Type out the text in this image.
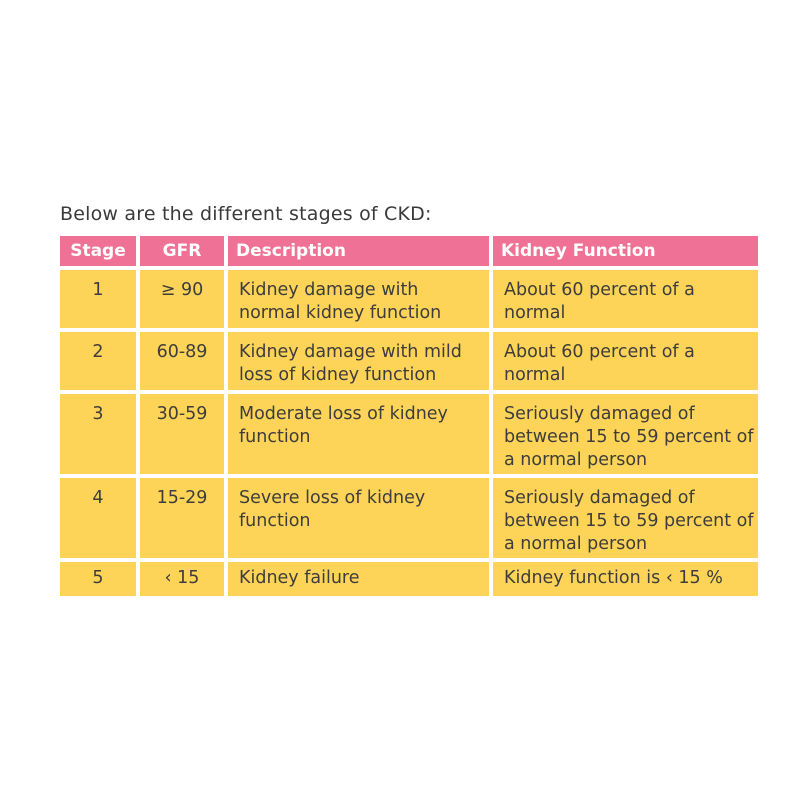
Below are the different stages of CKD:
Stage	GFR	Description	Kidney Function
1	≥ 90	Kidney damage with normal kidney function	About 60 percent of a normal
2	60-89	Kidney damage with mild loss of kidney function	About 60 percent of a normal
3	30-59	Moderate loss of kidney function	Seriously damaged of between 15 to 59 percent of a normal person
4	15-29	Severe loss of kidney function	Seriously damaged of between 15 to 59 percent of a normal person
5	‹ 15	Kidney failure	Kidney function is ‹ 15 %
